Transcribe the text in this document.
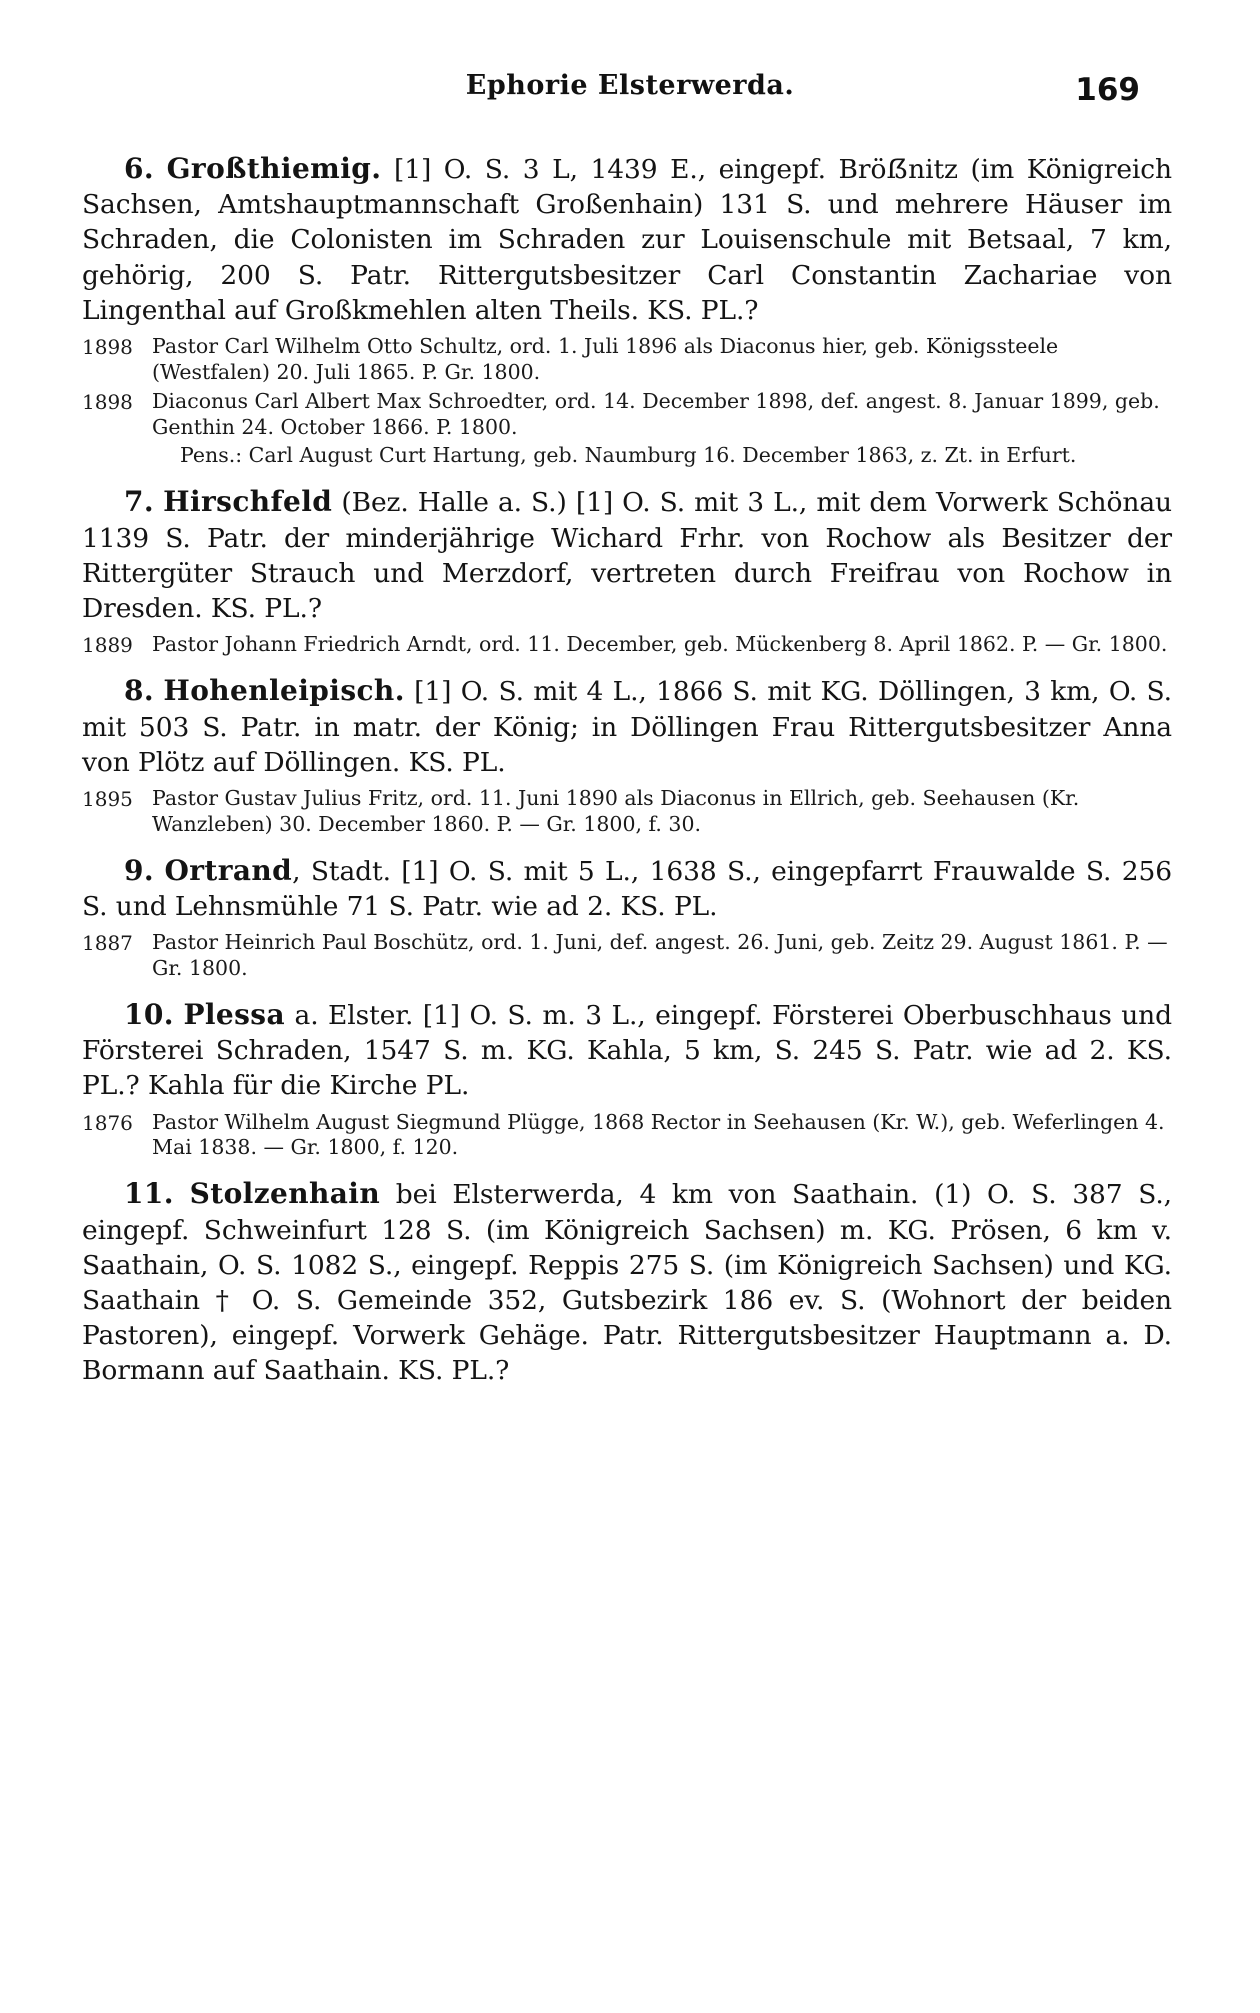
Ephorie Elsterwerda.	169

6. Großthiemig. [1] O. S. 3 L, 1439 E., eingepf. Bröẞnitz (im Königreich Sachsen, Amtshauptmannschaft Großenhain) 131 S. und mehrere Häuser im Schraden, die Colonisten im Schraden zur Louisenschule mit Betsaal, 7 km, gehörig, 200 S. Patr. Rittergutsbesitzer Carl Constantin Zachariae von Lingenthal auf Großkmehlen alten Theils. KS. PL.?

1898 Pastor Carl Wilhelm Otto Schultz, ord. 1. Juli 1896 als Diaconus hier, geb. Königssteele (Westfalen) 20. Juli 1865. P. Gr. 1800.
1898 Diaconus Carl Albert Max Schroedter, ord. 14. December 1898, def. angest. 8. Januar 1899, geb. Genthin 24. October 1866. P. 1800.
Pens.: Carl August Curt Hartung, geb. Naumburg 16. December 1863, z. Zt. in Erfurt.

7. Hirschfeld (Bez. Halle a. S.) [1] O. S. mit 3 L., mit dem Vorwerk Schönau 1139 S. Patr. der minderjährige Wichard Frhr. von Rochow als Besitzer der Rittergüter Strauch und Merzdorf, vertreten durch Freifrau von Rochow in Dresden. KS. PL.?

1889 Pastor Johann Friedrich Arndt, ord. 11. December, geb. Mückenberg 8. April 1862. P. — Gr. 1800.

8. Hohenleipisch. [1] O. S. mit 4 L., 1866 S. mit KG. Döllingen, 3 km, O. S. mit 503 S. Patr. in matr. der König; in Döllingen Frau Rittergutsbesitzer Anna von Plötz auf Döllingen. KS. PL.

1895 Pastor Gustav Julius Fritz, ord. 11. Juni 1890 als Diaconus in Ellrich, geb. Seehausen (Kr. Wanzleben) 30. December 1860. P. — Gr. 1800, f. 30.

9. Ortrand, Stadt. [1] O. S. mit 5 L., 1638 S., eingepfarrt Frauwalde S. 256 S. und Lehnsmühle 71 S. Patr. wie ad 2. KS. PL.

1887 Pastor Heinrich Paul Boschütz, ord. 1. Juni, def. angest. 26. Juni, geb. Zeitz 29. August 1861. P. — Gr. 1800.

10. Plessa a. Elster. [1] O. S. m. 3 L., eingepf. Försterei Oberbuschhaus und Försterei Schraden, 1547 S. m. KG. Kahla, 5 km, S. 245 S. Patr. wie ad 2. KS. PL.? Kahla für die Kirche PL.

1876 Pastor Wilhelm August Siegmund Plügge, 1868 Rector in Seehausen (Kr. W.), geb. Weferlingen 4. Mai 1838. — Gr. 1800, f. 120.

11. Stolzenhain bei Elsterwerda, 4 km von Saathain. (1) O. S. 387 S., eingepf. Schweinfurt 128 S. (im Königreich Sachsen) m. KG. Prösen, 6 km v. Saathain, O. S. 1082 S., eingepf. Reppis 275 S. (im Königreich Sachsen) und KG. Saathain † O. S. Gemeinde 352, Gutsbezirk 186 ev. S. (Wohnort der beiden Pastoren), eingepf. Vorwerk Gehäge. Patr. Rittergutsbesitzer Hauptmann a. D. Bormann auf Saathain. KS. PL.?
